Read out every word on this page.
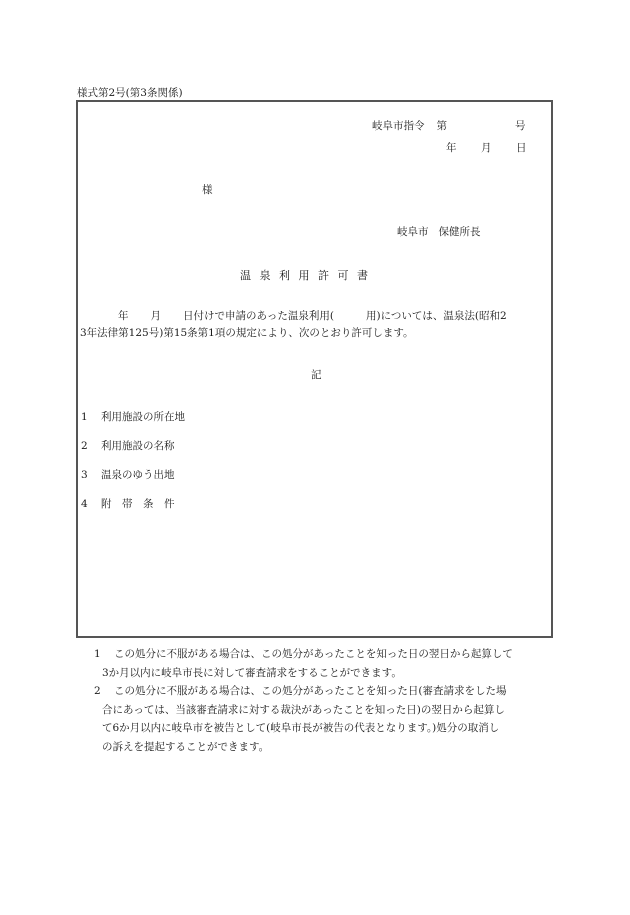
様式第2号(第3条関係)
岐阜市指令 第	号
年 月 日
様
岐阜市 保健所長
温泉利用許可書
年 月 日付けで申請のあった温泉利用(	用)については、温泉法(昭和2
3年法律第125号)第15条第1項の規定により、次のとおり許可します。
記
1 利用施設の所在地
2 利用施設の名称
3 温泉のゆう出地
4 附　帯　条　件
1 この処分に不服がある場合は、この処分があったことを知った日の翌日から起算して
3か月以内に岐阜市長に対して審査請求をすることができます。
2 この処分に不服がある場合は、この処分があったことを知った日(審査請求をした場
合にあっては、当該審査請求に対する裁決があったことを知った日)の翌日から起算し
て6か月以内に岐阜市を被告として(岐阜市長が被告の代表となります。)処分の取消し
の訴えを提起することができます。
